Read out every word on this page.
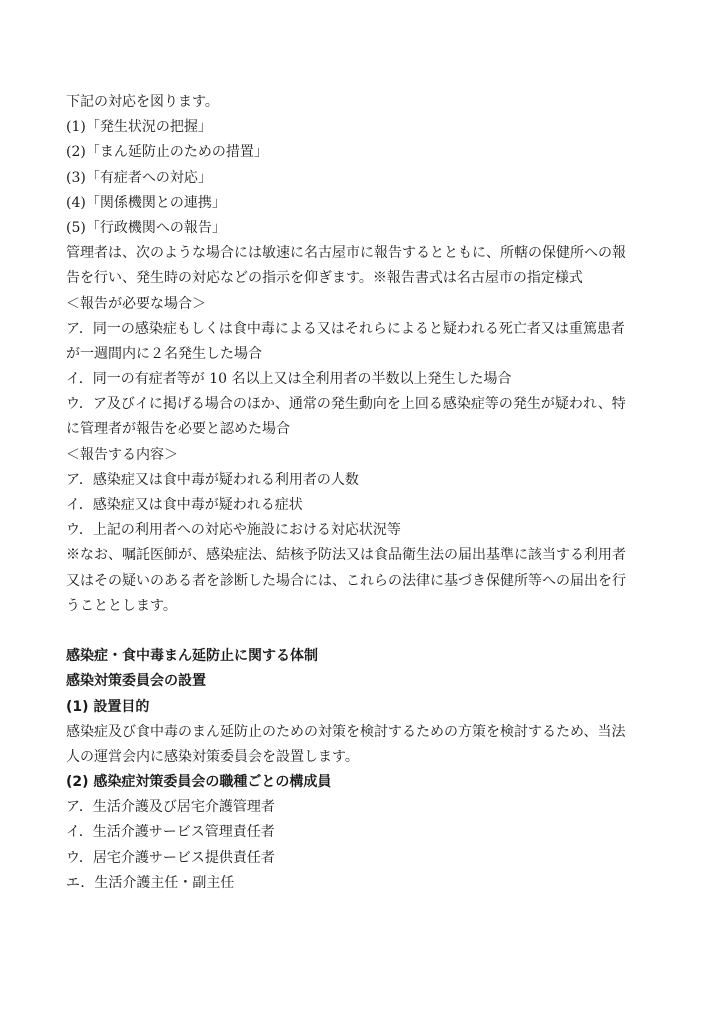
下記の対応を図ります。
(1)「発生状況の把握」
(2)「まん延防止のための措置」
(3)「有症者への対応」
(4)「関係機関との連携」
(5)「行政機関への報告」
管理者は、次のような場合には敏速に名古屋市に報告するとともに、所轄の保健所への報
告を行い、発生時の対応などの指示を仰ぎます。※報告書式は名古屋市の指定様式
＜報告が必要な場合＞
ア．同一の感染症もしくは食中毒による又はそれらによると疑われる死亡者又は重篤患者
が一週間内に２名発生した場合
イ．同一の有症者等が 10 名以上又は全利用者の半数以上発生した場合
ウ．ア及びイに掲げる場合のほか、通常の発生動向を上回る感染症等の発生が疑われ、特
に管理者が報告を必要と認めた場合
＜報告する内容＞
ア．感染症又は食中毒が疑われる利用者の人数
イ．感染症又は食中毒が疑われる症状
ウ．上記の利用者への対応や施設における対応状況等
※なお、嘱託医師が、感染症法、結核予防法又は食品衛生法の届出基準に該当する利用者
又はその疑いのある者を診断した場合には、これらの法律に基づき保健所等への届出を行
うこととします。
感染症・食中毒まん延防止に関する体制
感染対策委員会の設置
(1) 設置目的
感染症及び食中毒のまん延防止のための対策を検討するための方策を検討するため、当法
人の運営会内に感染対策委員会を設置します。
(2) 感染症対策委員会の職種ごとの構成員
ア．生活介護及び居宅介護管理者
イ．生活介護サービス管理責任者
ウ．居宅介護サービス提供責任者
エ．生活介護主任・副主任
